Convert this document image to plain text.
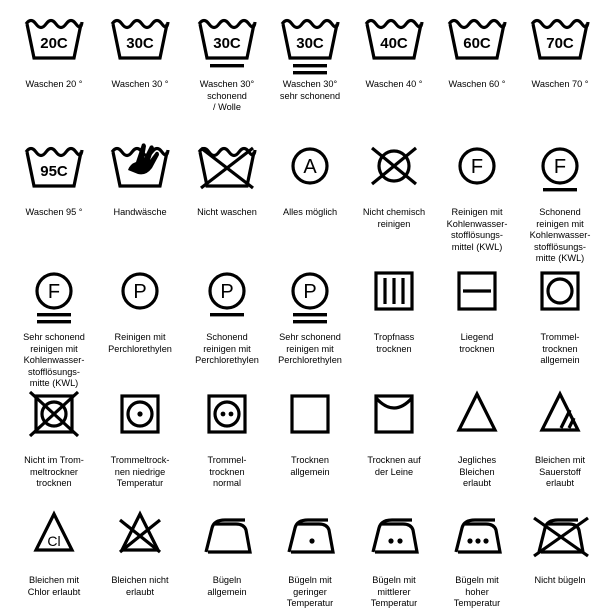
20C
Waschen 20 °
30C
Waschen 30 °
30C
Waschen 30°
schonend
/ Wolle
30C
Waschen 30°
sehr schonend
40C
Waschen 40 °
60C
Waschen 60 °
70C
Waschen 70 °
95C
Waschen 95 °	Handwäsche	Nicht waschen
A
Alles möglich	Nicht chemisch
reinigen
F
Reinigen mit
Kohlenwasser-
stofflösungs-
mittel (KWL)
F
Schonend
reinigen mit
Kohlenwasser-
stofflösungs-
mitte (KWL)
F
Sehr schonend
reinigen mit
Kohlenwasser-
stofflösungs-
mitte (KWL)
P
Reinigen mit
Perchlorethylen
P
Schonend
reinigen mit
Perchlorethylen
P
Sehr schonend
reinigen mit
Perchlorethylen
Tropfnass
trocknen
Liegend
trocknen
Trommel-
trocknen
allgemein
Nicht im Trom-
meltrockner
trocknen
Trommeltrock-
nen niedrige
Temperatur
Trommel-
trocknen
normal
Trocknen
allgemein
Trocknen auf
der Leine
Jegliches
Bleichen
erlaubt
Bleichen mit
Sauerstoff
erlaubt
Cl
Bleichen mit
Chlor erlaubt
Bleichen nicht
erlaubt
Bügeln
allgemein
Bügeln mit
geringer
Temperatur
Bügeln mit
mittlerer
Temperatur
Bügeln mit
hoher
Temperatur
Nicht bügeln
